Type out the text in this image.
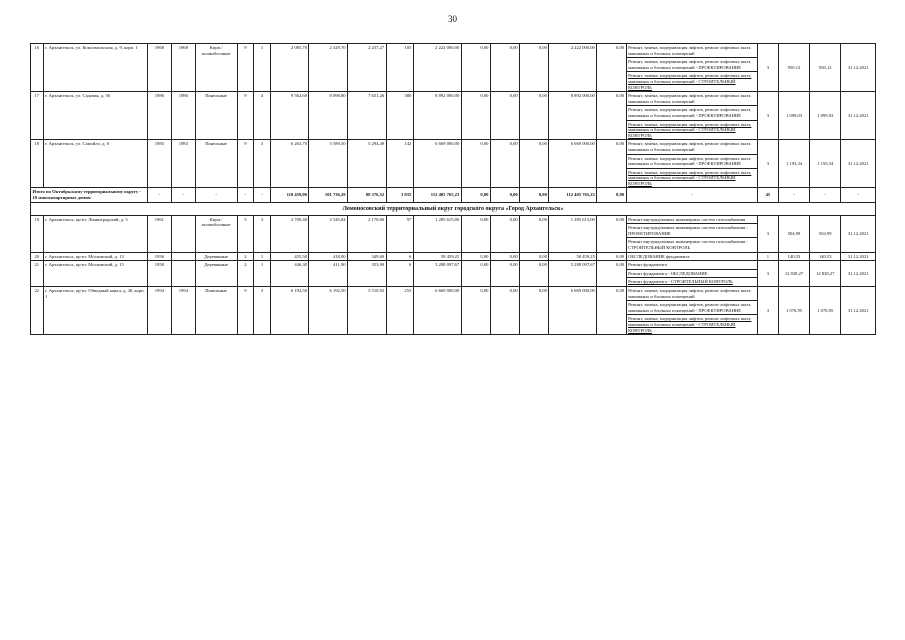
30
16	г. Архангельск, ул. Комсомольская, д. 9, корп. 1	1968	1968	Кирп./ шлакоблочные	9	1	2 085,70	2 329,70	2 257,27	105	2 222 000,00	0,00	0,00	0,00	2 222 000,00	0,00	Ремонт, замена, модернизация лифтов, ремонт лифтовых шахт, машинных и блочных помещений
Ремонт, замена, модернизация лифтов, ремонт лифтовых шахт, машинных и блочных помещений - ПРОЕКТИРОВАНИЕ
Ремонт, замена, модернизация лифтов, ремонт лифтовых шахт, машинных и блочных помещений - СТРОИТЕЛЬНЫЙ КОНТРОЛЬ	3	950,12	950,12	31.12.2021
17	г. Архангельск, ул. Садовая, д. 56	1986	1986	Панельные	9	4	9 562,60	8 098,80	7 651,26	380	8 892 000,00	0,00	0,00	0,00	8 892 000,00	0,00	Ремонт, замена, модернизация лифтов, ремонт лифтовых шахт, машинных и блочных помещений
Ремонт, замена, модернизация лифтов, ремонт лифтовых шахт, машинных и блочных помещений - ПРОЕКТИРОВАНИЕ
Ремонт, замена, модернизация лифтов, ремонт лифтовых шахт, машинных и блочных помещений - СТРОИТЕЛЬНЫЙ КОНТРОЛЬ	3	1 099,03	1 099,03	31.12.2021
18	г. Архангельск, ул. Самойло, д. 6	1983	1983	Панельные	9	3	6 263,70	5 589,50	5 294,49	142	6 669 000,00	0,00	0,00	0,00	6 669 000,00	0,00	Ремонт, замена, модернизация лифтов, ремонт лифтовых шахт, машинных и блочных помещений
Ремонт, замена, модернизация лифтов, ремонт лифтовых шахт, машинных и блочных помещений - ПРОЕКТИРОВАНИЕ
Ремонт, замена, модернизация лифтов, ремонт лифтовых шахт, машинных и блочных помещений - СТРОИТЕЛЬНЫЙ КОНТРОЛЬ	3	1 193,34	1 193,34	31.12.2021
Итого по Октябрьскому территориальному округу - 18 многоквартирных домов:		-	-	-	-	-	110 459,00	101 736,29	88 376,52	3 035	112 405 765,23	0,00	0,00	0,00	112 405 765,23	0,00	-	45	-	-	-
Ломоносовский территориальный округ городского округа «Город Архангельск»																					
19	г. Архангельск, пр-кт. Ленинградский, д. 5	1961		Кирп./ шлакоблочные	5	3	2 700,40	2 545,84	2 170,60	97	1 285 615,00	0,00	0,00	0,00	1 285 615,00	0,00	Ремонт внутридомовых инженерных систем газоснабжения
Ремонт внутридомовых инженерных систем газоснабжения - ПРОЕКТИРОВАНИЕ
Ремонт внутридомовых инженерных систем газоснабжения - СТРОИТЕЛЬНЫЙ КОНТРОЛЬ	3	504,99	504,99	31.12.2021
20	г. Архангельск, пр-кт. Московский, д. 13	1956		Деревянные	2	1	455,50	418,00	349,60	6	58 459,25	0,00	0,00	0,00	58 459,25	0,00	ОБСЛЕДОВАНИЕ фундамента	1	140,53	140,53	31.12.2021
21	г. Архангельск, пр-кт. Московский, д. 15	1958		Деревянные	2	1	446,30	411,90	353,90	6	5 288 097,67	0,00	0,00	0,00	5 288 097,67	0,00	Ремонт фундамента
Ремонт фундамента - ОБСЛЕДОВАНИЕ
Ремонт фундамента - СТРОИТЕЛЬНЫЙ КОНТРОЛЬ	3	12 838,27	12 838,27	31.12.2021
22	г. Архангельск, пр-кт. Обводный канал, д. 40, корп. 1	1994	1994	Панельные	9	3	6 192,50	6 192,50	5 510,92	253	6 669 000,00	0,00	0,00	0,00	6 669 000,00	0,00	Ремонт, замена, модернизация лифтов, ремонт лифтовых шахт, машинных и блочных помещений
Ремонт, замена, модернизация лифтов, ремонт лифтовых шахт, машинных и блочных помещений - ПРОЕКТИРОВАНИЕ
Ремонт, замена, модернизация лифтов, ремонт лифтовых шахт, машинных и блочных помещений - СТРОИТЕЛЬНЫЙ КОНТРОЛЬ	3	1 076,95	1 076,95	31.12.2021
